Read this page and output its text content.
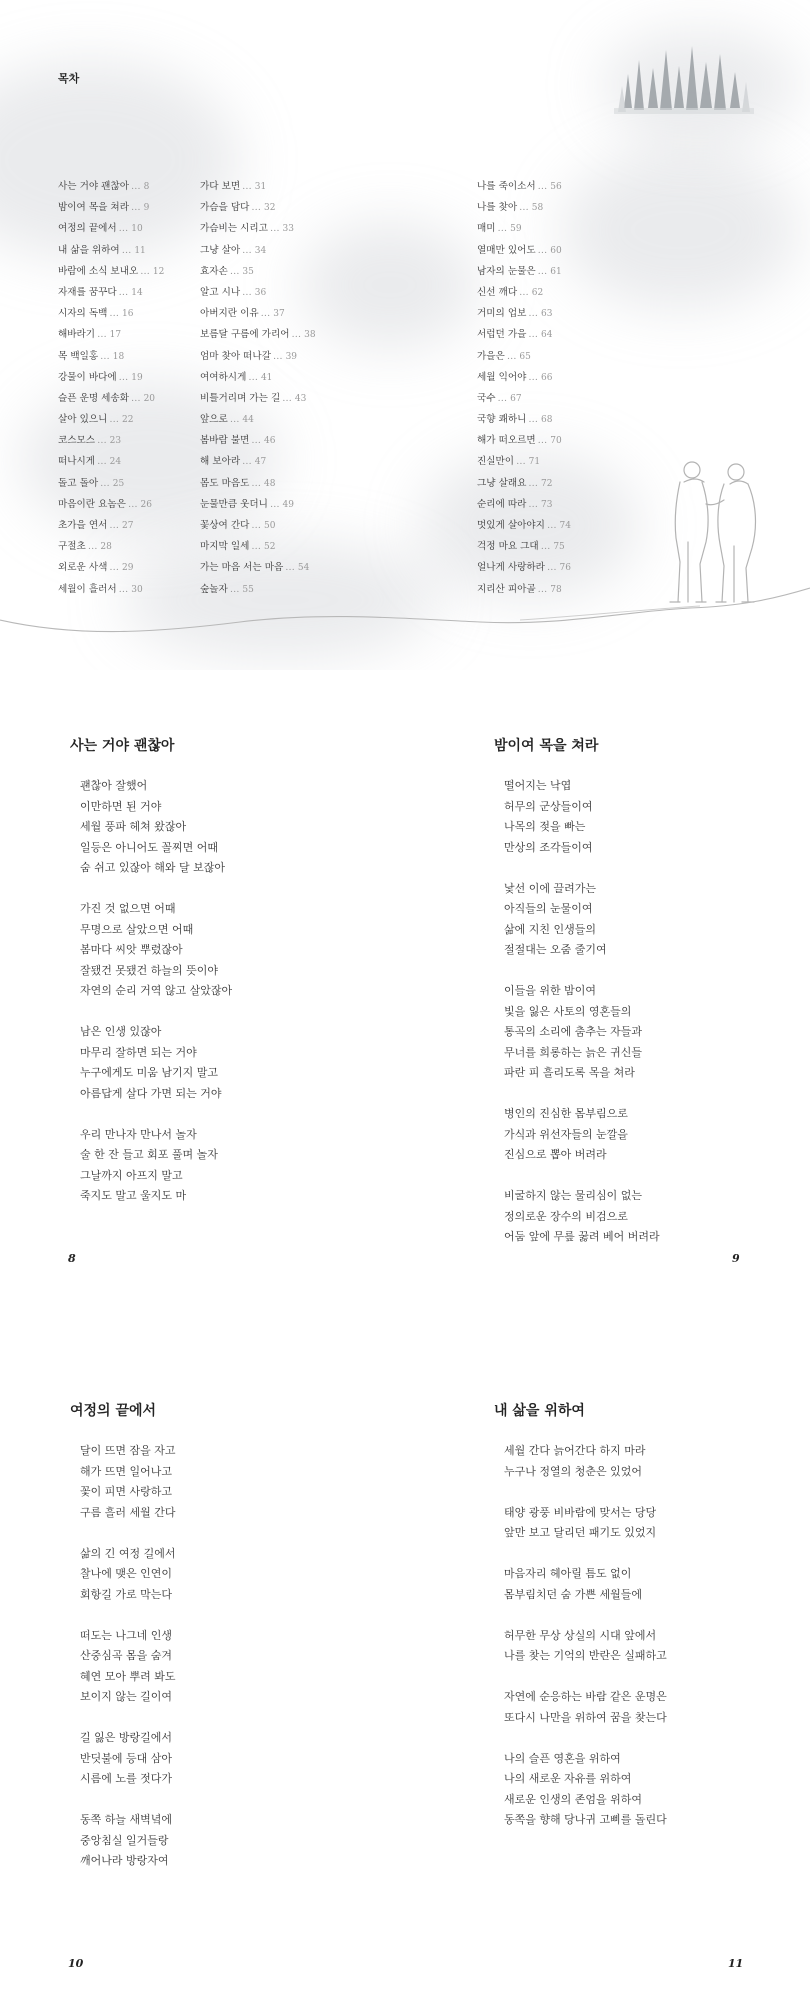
목차
사는 거야 괜찮아 … 8
밤이여 목을 쳐라 … 9
여정의 끝에서 … 10
내 삶을 위하여 … 11
바람에 소식 보내오 … 12
자재를 꿈꾸다 … 14
시자의 독백 … 16
해바라기 … 17
목 백일홍 … 18
강물이 바다에 … 19
슬픈 운명 세송화 … 20
살아 있으니 … 22
코스모스 … 23
떠나시게 … 24
돌고 돌아 … 25
마음이란 요놈은 … 26
초가을 연서 … 27
구절초 … 28
외로운 사색 … 29
세월이 흘러서 … 30
가다 보면 … 31
가슴을 담다 … 32
가슴비는 시리고 … 33
그냥 살아 … 34
효자손 … 35
알고 시나 … 36
아버지란 이유 … 37
보름달 구름에 가리어 … 38
엄마 찾아 떠나갈 … 39
여여하시게 … 41
비틀거리며 가는 길 … 43
앞으로 … 44
봄바람 불면 … 46
해 보아라 … 47
몸도 마음도 … 48
눈물만큼 웃더니 … 49
꽃상여 간다 … 50
마지막 일세 … 52
가는 마음 서는 마음 … 54
숲놀자 … 55
나를 죽이소서 … 56
나를 찾아 … 58
매미 … 59
열매만 있어도 … 60
남자의 눈물은 … 61
신선 깨다 … 62
거미의 업보 … 63
서럽던 가을 … 64
가을은 … 65
세월 익어야 … 66
국수 … 67
국향 쾌하니 … 68
해가 떠오르면 … 70
진실만이 … 71
그냥 살래요 … 72
순리에 따라 … 73
멋있게 살아야지 … 74
걱정 마요 그대 … 75
얼나게 사랑하라 … 76
지리산 피아골 … 78
사는 거야 괜찮아
괜찮아 잘했어
이만하면 된 거야
세월 풍파 헤쳐 왔잖아
일등은 아니어도 꼴찌면 어때
숨 쉬고 있잖아 해와 달 보잖아
가진 것 없으면 어때
무명으로 살았으면 어때
봄마다 씨앗 뿌렸잖아
잘됐건 못됐건 하늘의 뜻이야
자연의 순리 거역 않고 살았잖아
남은 인생 있잖아
마무리 잘하면 되는 거야
누구에게도 미움 남기지 말고
아름답게 살다 가면 되는 거야
우리 만나자 만나서 놀자
술 한 잔 들고 회포 풀며 놀자
그날까지 아프지 말고
죽지도 말고 울지도 마
8
밤이여 목을 쳐라
떨어지는 낙엽
허무의 군상들이여
나목의 젖을 빠는
만상의 조각들이여
낯선 이에 끌려가는
아직들의 눈물이여
삶에 지친 인생들의
절절대는 오줌 줄기여
이들을 위한 밤이여
빛을 잃은 사토의 영혼들의
통곡의 소리에 춤추는 자들과
무너를 희롱하는 늙은 귀신들
파란 피 흘리도록 목을 쳐라
병인의 진심한 몸부림으로
가식과 위선자들의 눈깔을
진심으로 뽑아 버려라
비굴하지 않는 물리심이 없는
정의로운 장수의 비검으로
어둠 앞에 무릎 꿇려 베어 버려라
9
여정의 끝에서
달이 뜨면 잠을 자고
해가 뜨면 일어나고
꽃이 피면 사랑하고
구름 흘러 세월 간다
삶의 긴 여정 길에서
찰나에 맺은 인연이
회항길 가로 막는다
떠도는 나그네 인생
산중심곡 몸을 숨겨
혜연 모아 뿌려 봐도
보이지 않는 길이여
길 잃은 방랑길에서
반딧불에 등대 삼아
시름에 노를 젓다가
동쪽 하늘 새벽녘에
중앙침실 일거들랑
깨어나라 방랑자여
10
내 삶을 위하여
세월 간다 늙어간다 하지 마라
누구나 정열의 청춘은 있었어
태양 광풍 비바람에 맞서는 당당
앞만 보고 달리던 패기도 있었지
마음자리 헤아릴 틈도 없이
몸부림치던 숨 가쁜 세월들에
허무한 무상 상실의 시대 앞에서
나를 찾는 기억의 반란은 실패하고
자연에 순응하는 바람 같은 운명은
또다시 나만을 위하여 꿈을 찾는다
나의 슬픈 영혼을 위하여
나의 새로운 자유를 위하여
새로운 인생의 존엄을 위하여
동쪽을 향해 당나귀 고삐를 돌린다
11
